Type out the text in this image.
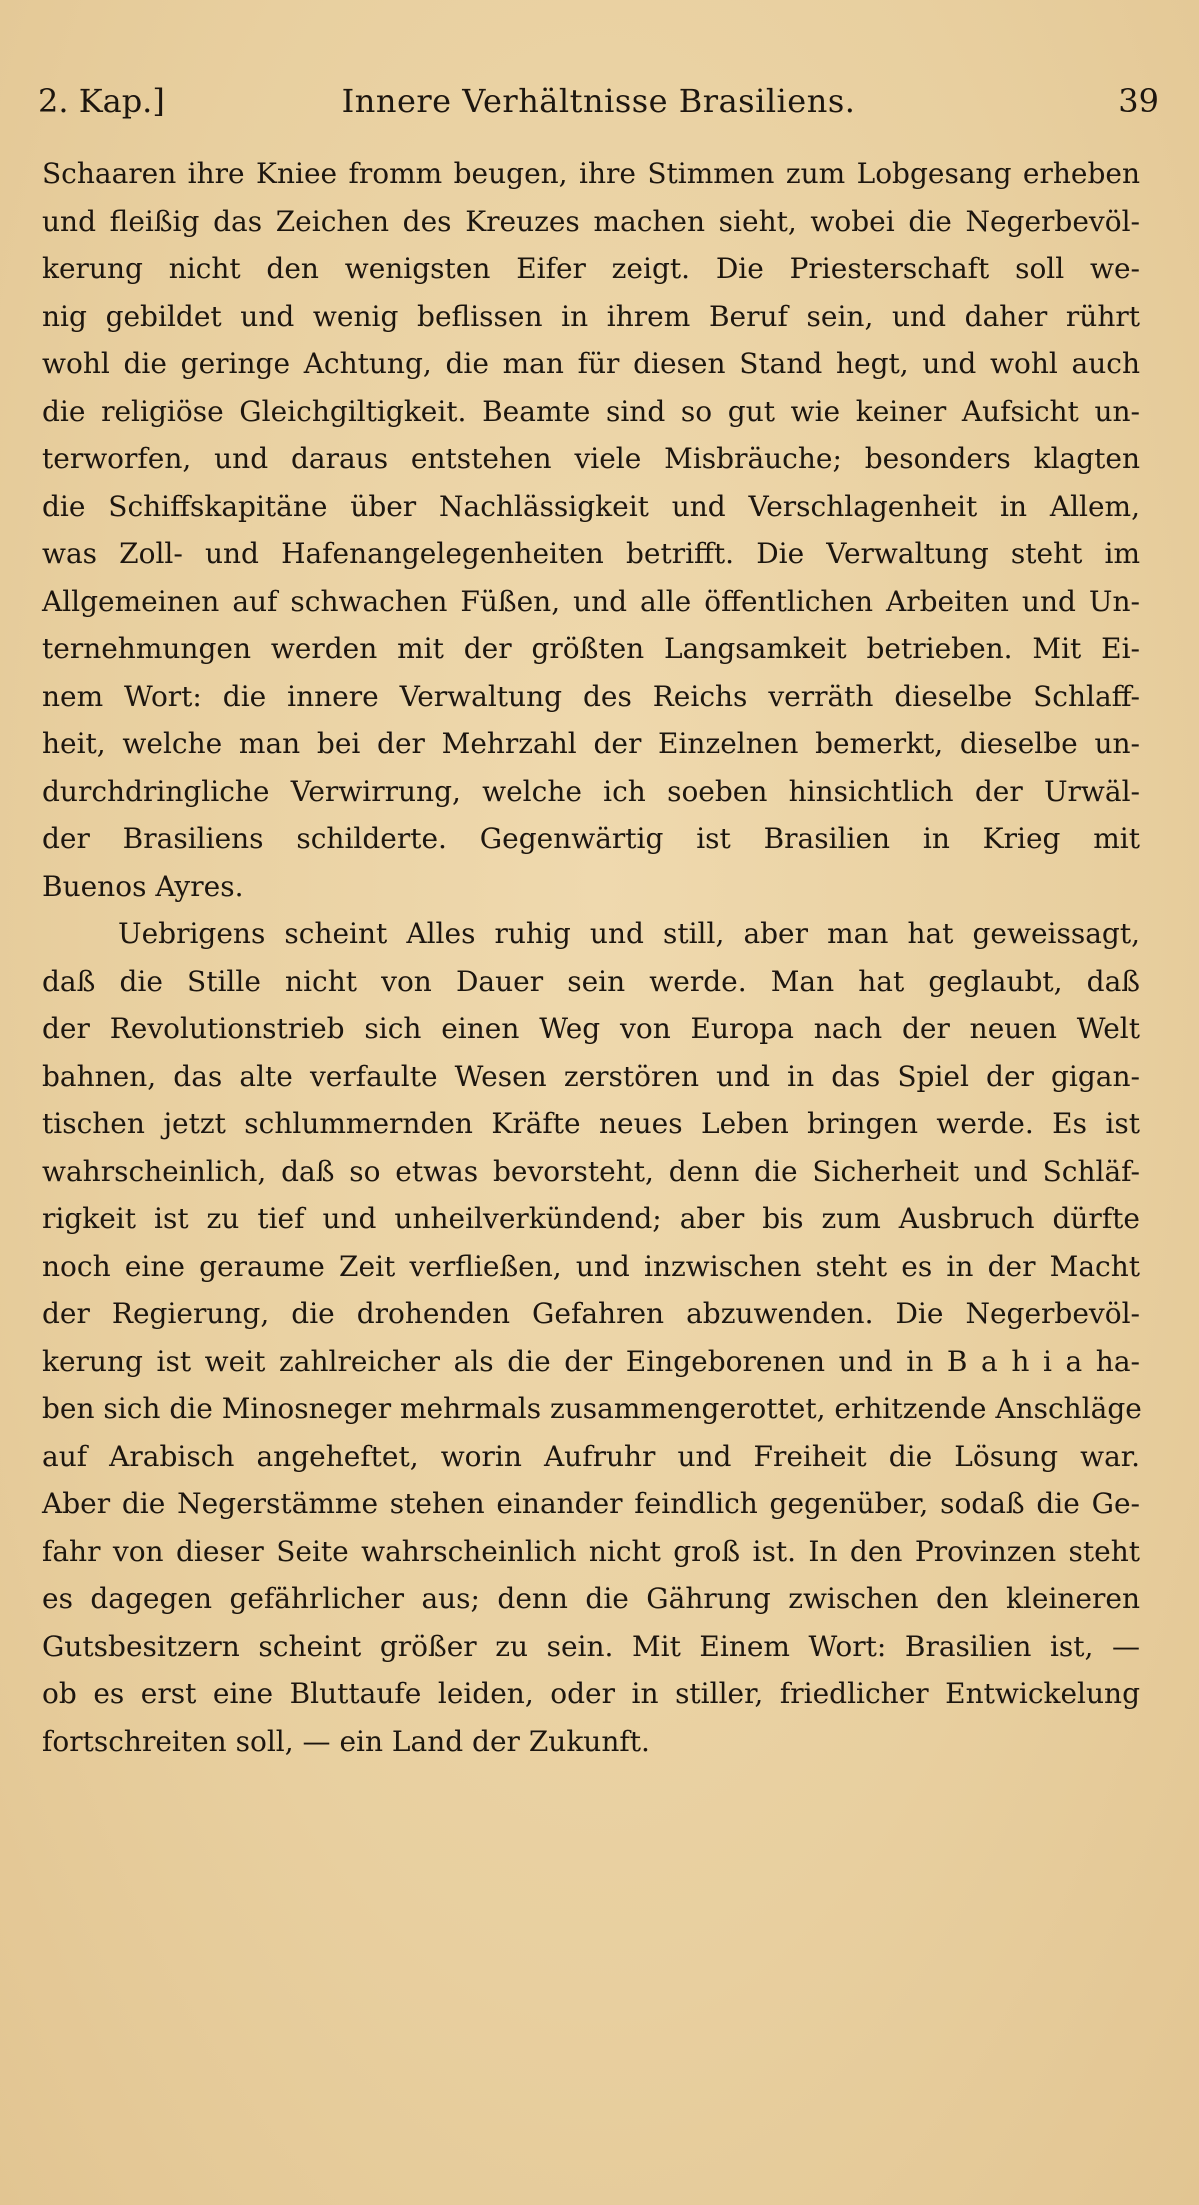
2. Kap.]	Innere Verhältnisse Brasiliens.	39
Schaaren ihre Kniee fromm beugen, ihre Stimmen zum Lobgesang erheben
und fleißig das Zeichen des Kreuzes machen sieht, wobei die Negerbevöl-
kerung nicht den wenigsten Eifer zeigt. Die Priesterschaft soll we-
nig gebildet und wenig beflissen in ihrem Beruf sein, und daher rührt
wohl die geringe Achtung, die man für diesen Stand hegt, und wohl auch
die religiöse Gleichgiltigkeit. Beamte sind so gut wie keiner Aufsicht un-
terworfen, und daraus entstehen viele Misbräuche; besonders klagten
die Schiffskapitäne über Nachlässigkeit und Verschlagenheit in Allem,
was Zoll- und Hafenangelegenheiten betrifft. Die Verwaltung steht im
Allgemeinen auf schwachen Füßen, und alle öffentlichen Arbeiten und Un-
ternehmungen werden mit der größten Langsamkeit betrieben. Mit Ei-
nem Wort: die innere Verwaltung des Reichs verräth dieselbe Schlaff-
heit, welche man bei der Mehrzahl der Einzelnen bemerkt, dieselbe un-
durchdringliche Verwirrung, welche ich soeben hinsichtlich der Urwäl-
der Brasiliens schilderte. Gegenwärtig ist Brasilien in Krieg mit
Buenos Ayres.
Uebrigens scheint Alles ruhig und still, aber man hat geweissagt,
daß die Stille nicht von Dauer sein werde. Man hat geglaubt, daß
der Revolutionstrieb sich einen Weg von Europa nach der neuen Welt
bahnen, das alte verfaulte Wesen zerstören und in das Spiel der gigan-
tischen jetzt schlummernden Kräfte neues Leben bringen werde. Es ist
wahrscheinlich, daß so etwas bevorsteht, denn die Sicherheit und Schläf-
rigkeit ist zu tief und unheilverkündend; aber bis zum Ausbruch dürfte
noch eine geraume Zeit verfließen, und inzwischen steht es in der Macht
der Regierung, die drohenden Gefahren abzuwenden. Die Negerbevöl-
kerung ist weit zahlreicher als die der Eingeborenen und in B a h i a ha-
ben sich die Minosneger mehrmals zusammengerottet, erhitzende Anschläge
auf Arabisch angeheftet, worin Aufruhr und Freiheit die Lösung war.
Aber die Negerstämme stehen einander feindlich gegenüber, sodaß die Ge-
fahr von dieser Seite wahrscheinlich nicht groß ist. In den Provinzen steht
es dagegen gefährlicher aus; denn die Gährung zwischen den kleineren
Gutsbesitzern scheint größer zu sein. Mit Einem Wort: Brasilien ist, —
ob es erst eine Bluttaufe leiden, oder in stiller, friedlicher Entwickelung
fortschreiten soll, — ein Land der Zukunft.
